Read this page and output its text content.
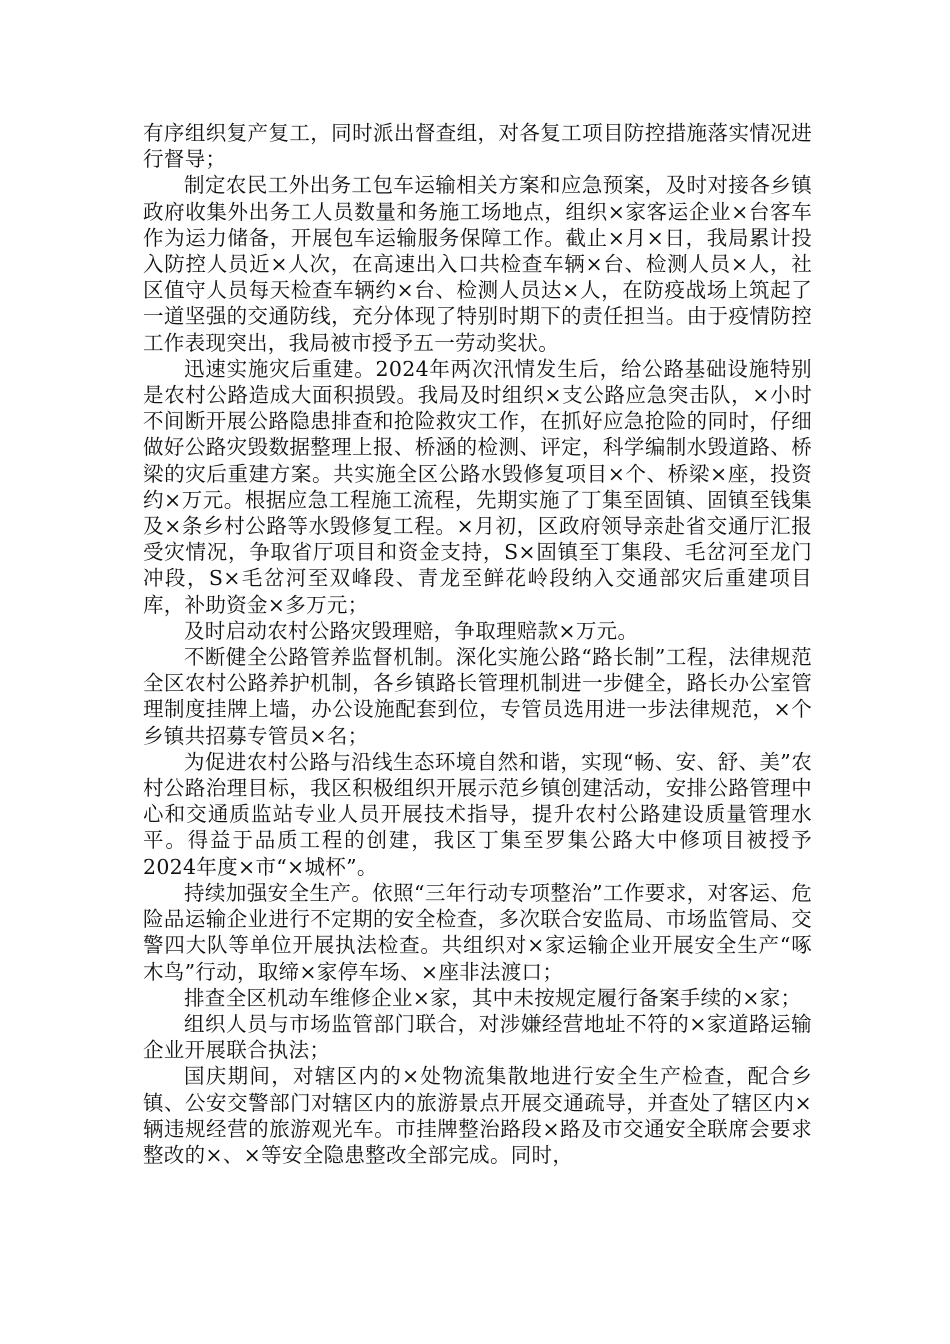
有序组织复产复工，同时派出督查组，对各复工项目防控措施落实情况进行督导；

制定农民工外出务工包车运输相关方案和应急预案，及时对接各乡镇政府收集外出务工人员数量和务施工场地点，组织×家客运企业×台客车作为运力储备，开展包车运输服务保障工作。截止×月×日，我局累计投入防控人员近×人次，在高速出入口共检查车辆×台、检测人员×人，社区值守人员每天检查车辆约×台、检测人员达×人，在防疫战场上筑起了一道坚强的交通防线，充分体现了特别时期下的责任担当。由于疫情防控工作表现突出，我局被市授予五一劳动奖状。

迅速实施灾后重建。2024年两次汛情发生后，给公路基础设施特别是农村公路造成大面积损毁。我局及时组织×支公路应急突击队，×小时不间断开展公路隐患排查和抢险救灾工作，在抓好应急抢险的同时，仔细做好公路灾毁数据整理上报、桥涵的检测、评定，科学编制水毁道路、桥梁的灾后重建方案。共实施全区公路水毁修复项目×个、桥梁×座，投资约×万元。根据应急工程施工流程，先期实施了丁集至固镇、固镇至钱集及×条乡村公路等水毁修复工程。×月初，区政府领导亲赴省交通厅汇报受灾情况，争取省厅项目和资金支持，S×固镇至丁集段、毛岔河至龙门冲段，S×毛岔河至双峰段、青龙至鲜花岭段纳入交通部灾后重建项目库，补助资金×多万元；

及时启动农村公路灾毁理赔，争取理赔款×万元。

不断健全公路管养监督机制。深化实施公路“路长制”工程，法律规范全区农村公路养护机制，各乡镇路长管理机制进一步健全，路长办公室管理制度挂牌上墙，办公设施配套到位，专管员选用进一步法律规范，×个乡镇共招募专管员×名；

为促进农村公路与沿线生态环境自然和谐，实现“畅、安、舒、美”农村公路治理目标，我区积极组织开展示范乡镇创建活动，安排公路管理中心和交通质监站专业人员开展技术指导，提升农村公路建设质量管理水平。得益于品质工程的创建，我区丁集至罗集公路大中修项目被授予2024年度×市“×城杯”。

持续加强安全生产。依照“三年行动专项整治”工作要求，对客运、危险品运输企业进行不定期的安全检查，多次联合安监局、市场监管局、交警四大队等单位开展执法检查。共组织对×家运输企业开展安全生产“啄木鸟”行动，取缔×家停车场、×座非法渡口；

排查全区机动车维修企业×家，其中未按规定履行备案手续的×家；

组织人员与市场监管部门联合，对涉嫌经营地址不符的×家道路运输企业开展联合执法；

国庆期间，对辖区内的×处物流集散地进行安全生产检查，配合乡镇、公安交警部门对辖区内的旅游景点开展交通疏导，并查处了辖区内×辆违规经营的旅游观光车。市挂牌整治路段×路及市交通安全联席会要求整改的×、×等安全隐患整改全部完成。同时，
